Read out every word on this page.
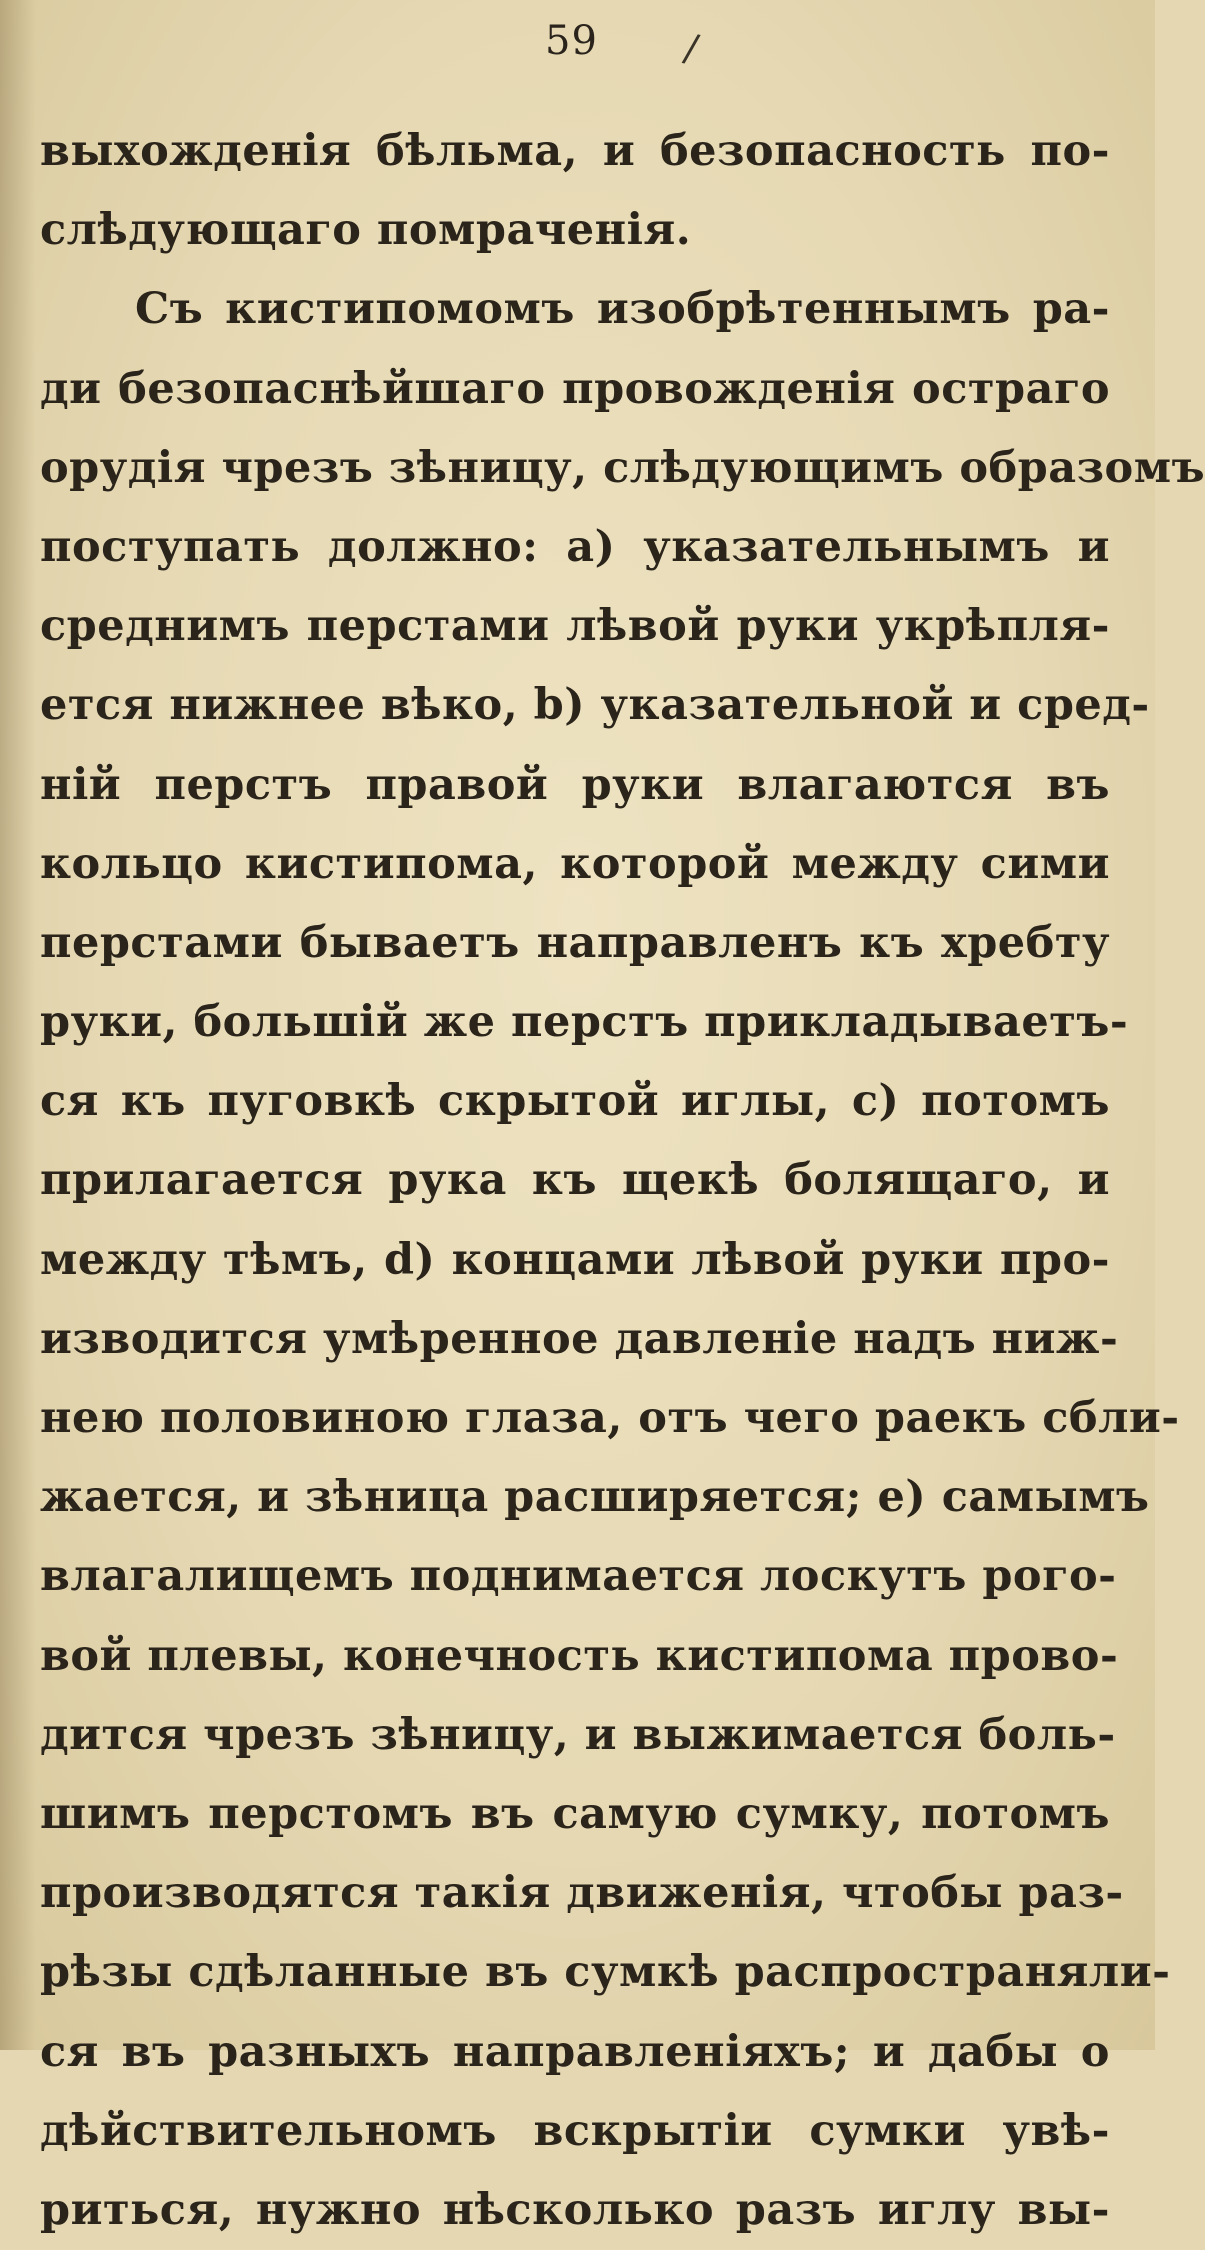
59 /
выхожденія бѣльма, и безопасность по-
слѣдующаго помраченія.
Съ кистипомомъ изобрѣтеннымъ ра-
ди безопаснѣйшаго провожденія остраго
орудія чрезъ зѣницу, слѣдующимъ образомъ
поступать должно: a) указательнымъ и
среднимъ перстами лѣвой руки укрѣпля-
ется нижнее вѣко, b) указательной и сред-
ній перстъ правой руки влагаются въ
кольцо кистипома, которой между сими
перстами бываетъ направленъ къ хребту
руки, большій же перстъ прикладываетъ-
ся къ пуговкѣ скрытой иглы, c) потомъ
прилагается рука къ щекѣ болящаго, и
между тѣмъ, d) концами лѣвой руки про-
изводится умѣренное давленіе надъ ниж-
нею половиною глаза, отъ чего раекъ сбли-
жается, и зѣница расширяется; e) самымъ
влагалищемъ поднимается лоскутъ рого-
вой плевы, конечность кистипома прово-
дится чрезъ зѣницу, и выжимается боль-
шимъ перстомъ въ самую сумку, потомъ
производятся такія движенія, чтобы раз-
рѣзы сдѣланные въ сумкѣ распространяли-
ся въ разныхъ направленіяхъ; и дабы о
дѣйствительномъ вскрытіи сумки увѣ-
риться, нужно нѣсколько разъ иглу вы-
